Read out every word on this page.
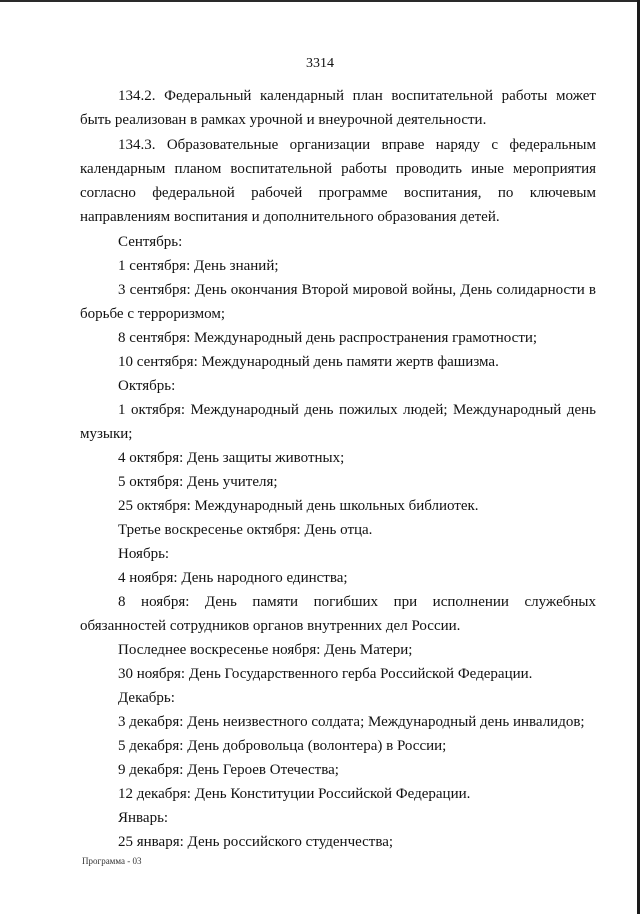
3314

134.2. Федеральный календарный план воспитательной работы может быть реализован в рамках урочной и внеурочной деятельности.

134.3. Образовательные организации вправе наряду с федеральным календарным планом воспитательной работы проводить иные мероприятия согласно федеральной рабочей программе воспитания, по ключевым направлениям воспитания и дополнительного образования детей.

Сентябрь:

1 сентября: День знаний;

3 сентября: День окончания Второй мировой войны, День солидарности в борьбе с терроризмом;

8 сентября: Международный день распространения грамотности;

10 сентября: Международный день памяти жертв фашизма.

Октябрь:

1 октября: Международный день пожилых людей; Международный день музыки;

4 октября: День защиты животных;

5 октября: День учителя;

25 октября: Международный день школьных библиотек.

Третье воскресенье октября: День отца.

Ноябрь:

4 ноября: День народного единства;

8 ноября: День памяти погибших при исполнении служебных обязанностей сотрудников органов внутренних дел России.

Последнее воскресенье ноября: День Матери;

30 ноября: День Государственного герба Российской Федерации.

Декабрь:

3 декабря: День неизвестного солдата; Международный день инвалидов;

5 декабря: День добровольца (волонтера) в России;

9 декабря: День Героев Отечества;

12 декабря: День Конституции Российской Федерации.

Январь:

25 января: День российского студенчества;

Программа - 03
